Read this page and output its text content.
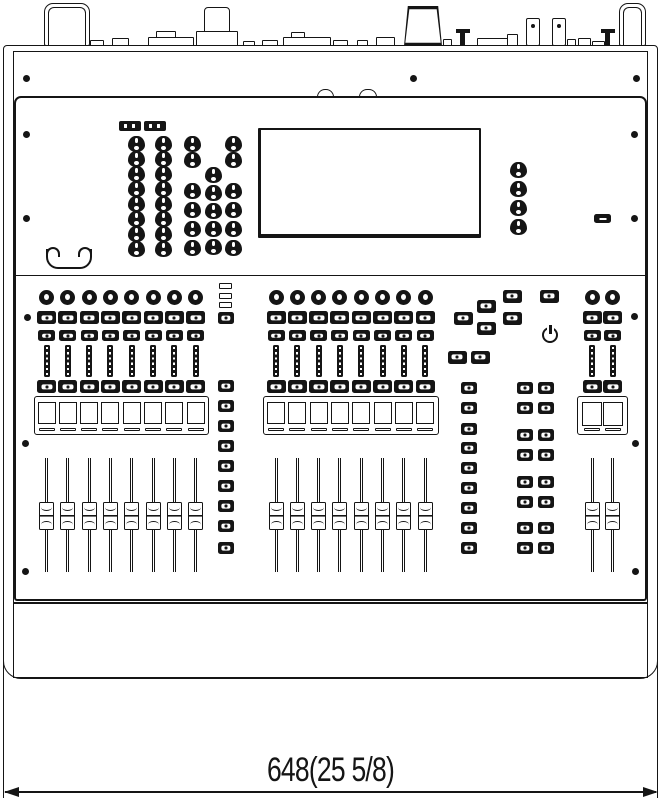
648(25 5/8)
